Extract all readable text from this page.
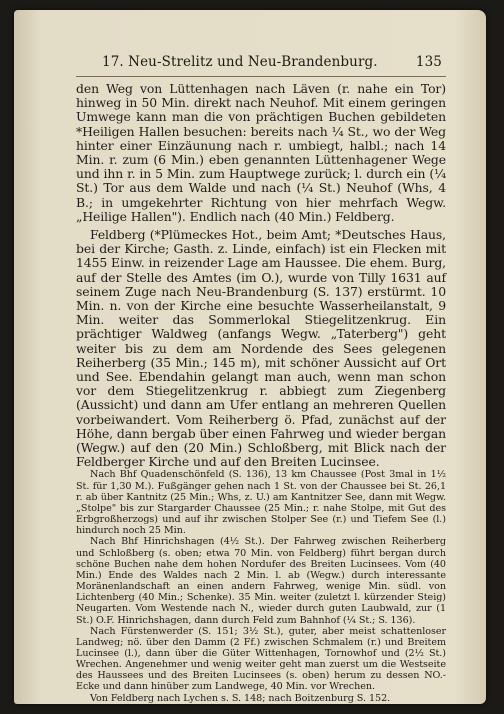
17. Neu-Strelitz und Neu-Brandenburg.	135

den Weg von Lüttenhagen nach Läven (r. nahe ein Tor) hinweg in 50 Min. direkt nach Neuhof. Mit einem geringen Umwege kann man die von prächtigen Buchen gebildeten *Heiligen Hallen besuchen: bereits nach ¼ St., wo der Weg hinter einer Einzäunung nach r. umbiegt, halbl.; nach 14 Min. r. zum (6 Min.) eben genannten Lüttenhagener Wege und ihn r. in 5 Min. zum Hauptwege zurück; l. durch ein (¼ St.) Tor aus dem Walde und nach (¼ St.) Neuhof (Whs, 4 B.; in umgekehrter Richtung von hier mehrfach Wegw. „Heilige Hallen"). Endlich nach (40 Min.) Feldberg.

Feldberg (*Plümeckes Hot., beim Amt; *Deutsches Haus, bei der Kirche; Gasth. z. Linde, einfach) ist ein Flecken mit 1455 Einw. in reizender Lage am Haussee. Die ehem. Burg, auf der Stelle des Amtes (im O.), wurde von Tilly 1631 auf seinem Zuge nach Neu-Brandenburg (S. 137) erstürmt. 10 Min. n. von der Kirche eine besuchte Wasserheilanstalt, 9 Min. weiter das Sommerlokal Stiegelitzenkrug. Ein prächtiger Waldweg (anfangs Wegw. „Taterberg") geht weiter bis zu dem am Nordende des Sees gelegenen Reiherberg (35 Min.; 145 m), mit schöner Aussicht auf Ort und See. Ebendahin gelangt man auch, wenn man schon vor dem Stiegelitzenkrug r. abbiegt zum Ziegenberg (Aussicht) und dann am Ufer entlang an mehreren Quellen vorbeiwandert. Vom Reiherberg ö. Pfad, zunächst auf der Höhe, dann bergab über einen Fahrweg und wieder bergan (Wegw.) auf den (20 Min.) Schloßberg, mit Blick nach der Feldberger Kirche und auf den Breiten Lucinsee.

Nach Bhf Quadenschönfeld (S. 136), 13 km Chaussee (Post 3mal in 1½ St. für 1,30 M.). Fußgänger gehen nach 1 St. von der Chaussee bei St. 26,1 r. ab über Kantnitz (25 Min.; Whs, z. U.) am Kantnitzer See, dann mit Wegw. „Stolpe" bis zur Stargarder Chaussee (25 Min.; r. nahe Stolpe, mit Gut des Erbgroßherzogs) und auf ihr zwischen Stolper See (r.) und Tiefem See (l.) hindurch noch 25 Min.

Nach Bhf Hinrichshagen (4½ St.). Der Fahrweg zwischen Reiherberg und Schloßberg (s. oben; etwa 70 Min. von Feldberg) führt bergan durch schöne Buchen nahe dem hohen Nordufer des Breiten Lucinsees. Vom (40 Min.) Ende des Waldes nach 2 Min. l. ab (Wegw.) durch interessante Moränenlandschaft an einen andern Fahrweg, wenige Min. südl. von Lichtenberg (40 Min.; Schenke). 35 Min. weiter (zuletzt l. kürzender Steig) Neugarten. Vom Westende nach N., wieder durch guten Laubwald, zur (1 St.) O.F. Hinrichshagen, dann durch Feld zum Bahnhof (¼ St.; S. 136).

Nach Fürstenwerder (S. 151; 3½ St.), guter, aber meist schattenloser Landweg; nö. über den Damm (2 Ff.) zwischen Schmalem (r.) und Breitem Lucinsee (l.), dann über die Güter Wittenhagen, Tornowhof und (2½ St.) Wrechen. Angenehmer und wenig weiter geht man zuerst um die Westseite des Haussees und des Breiten Lucinsees (s. oben) herum zu dessen NO.-Ecke und dann hinüber zum Landwege, 40 Min. vor Wrechen.

Von Feldberg nach Lychen s. S. 148; nach Boitzenburg S. 152.
